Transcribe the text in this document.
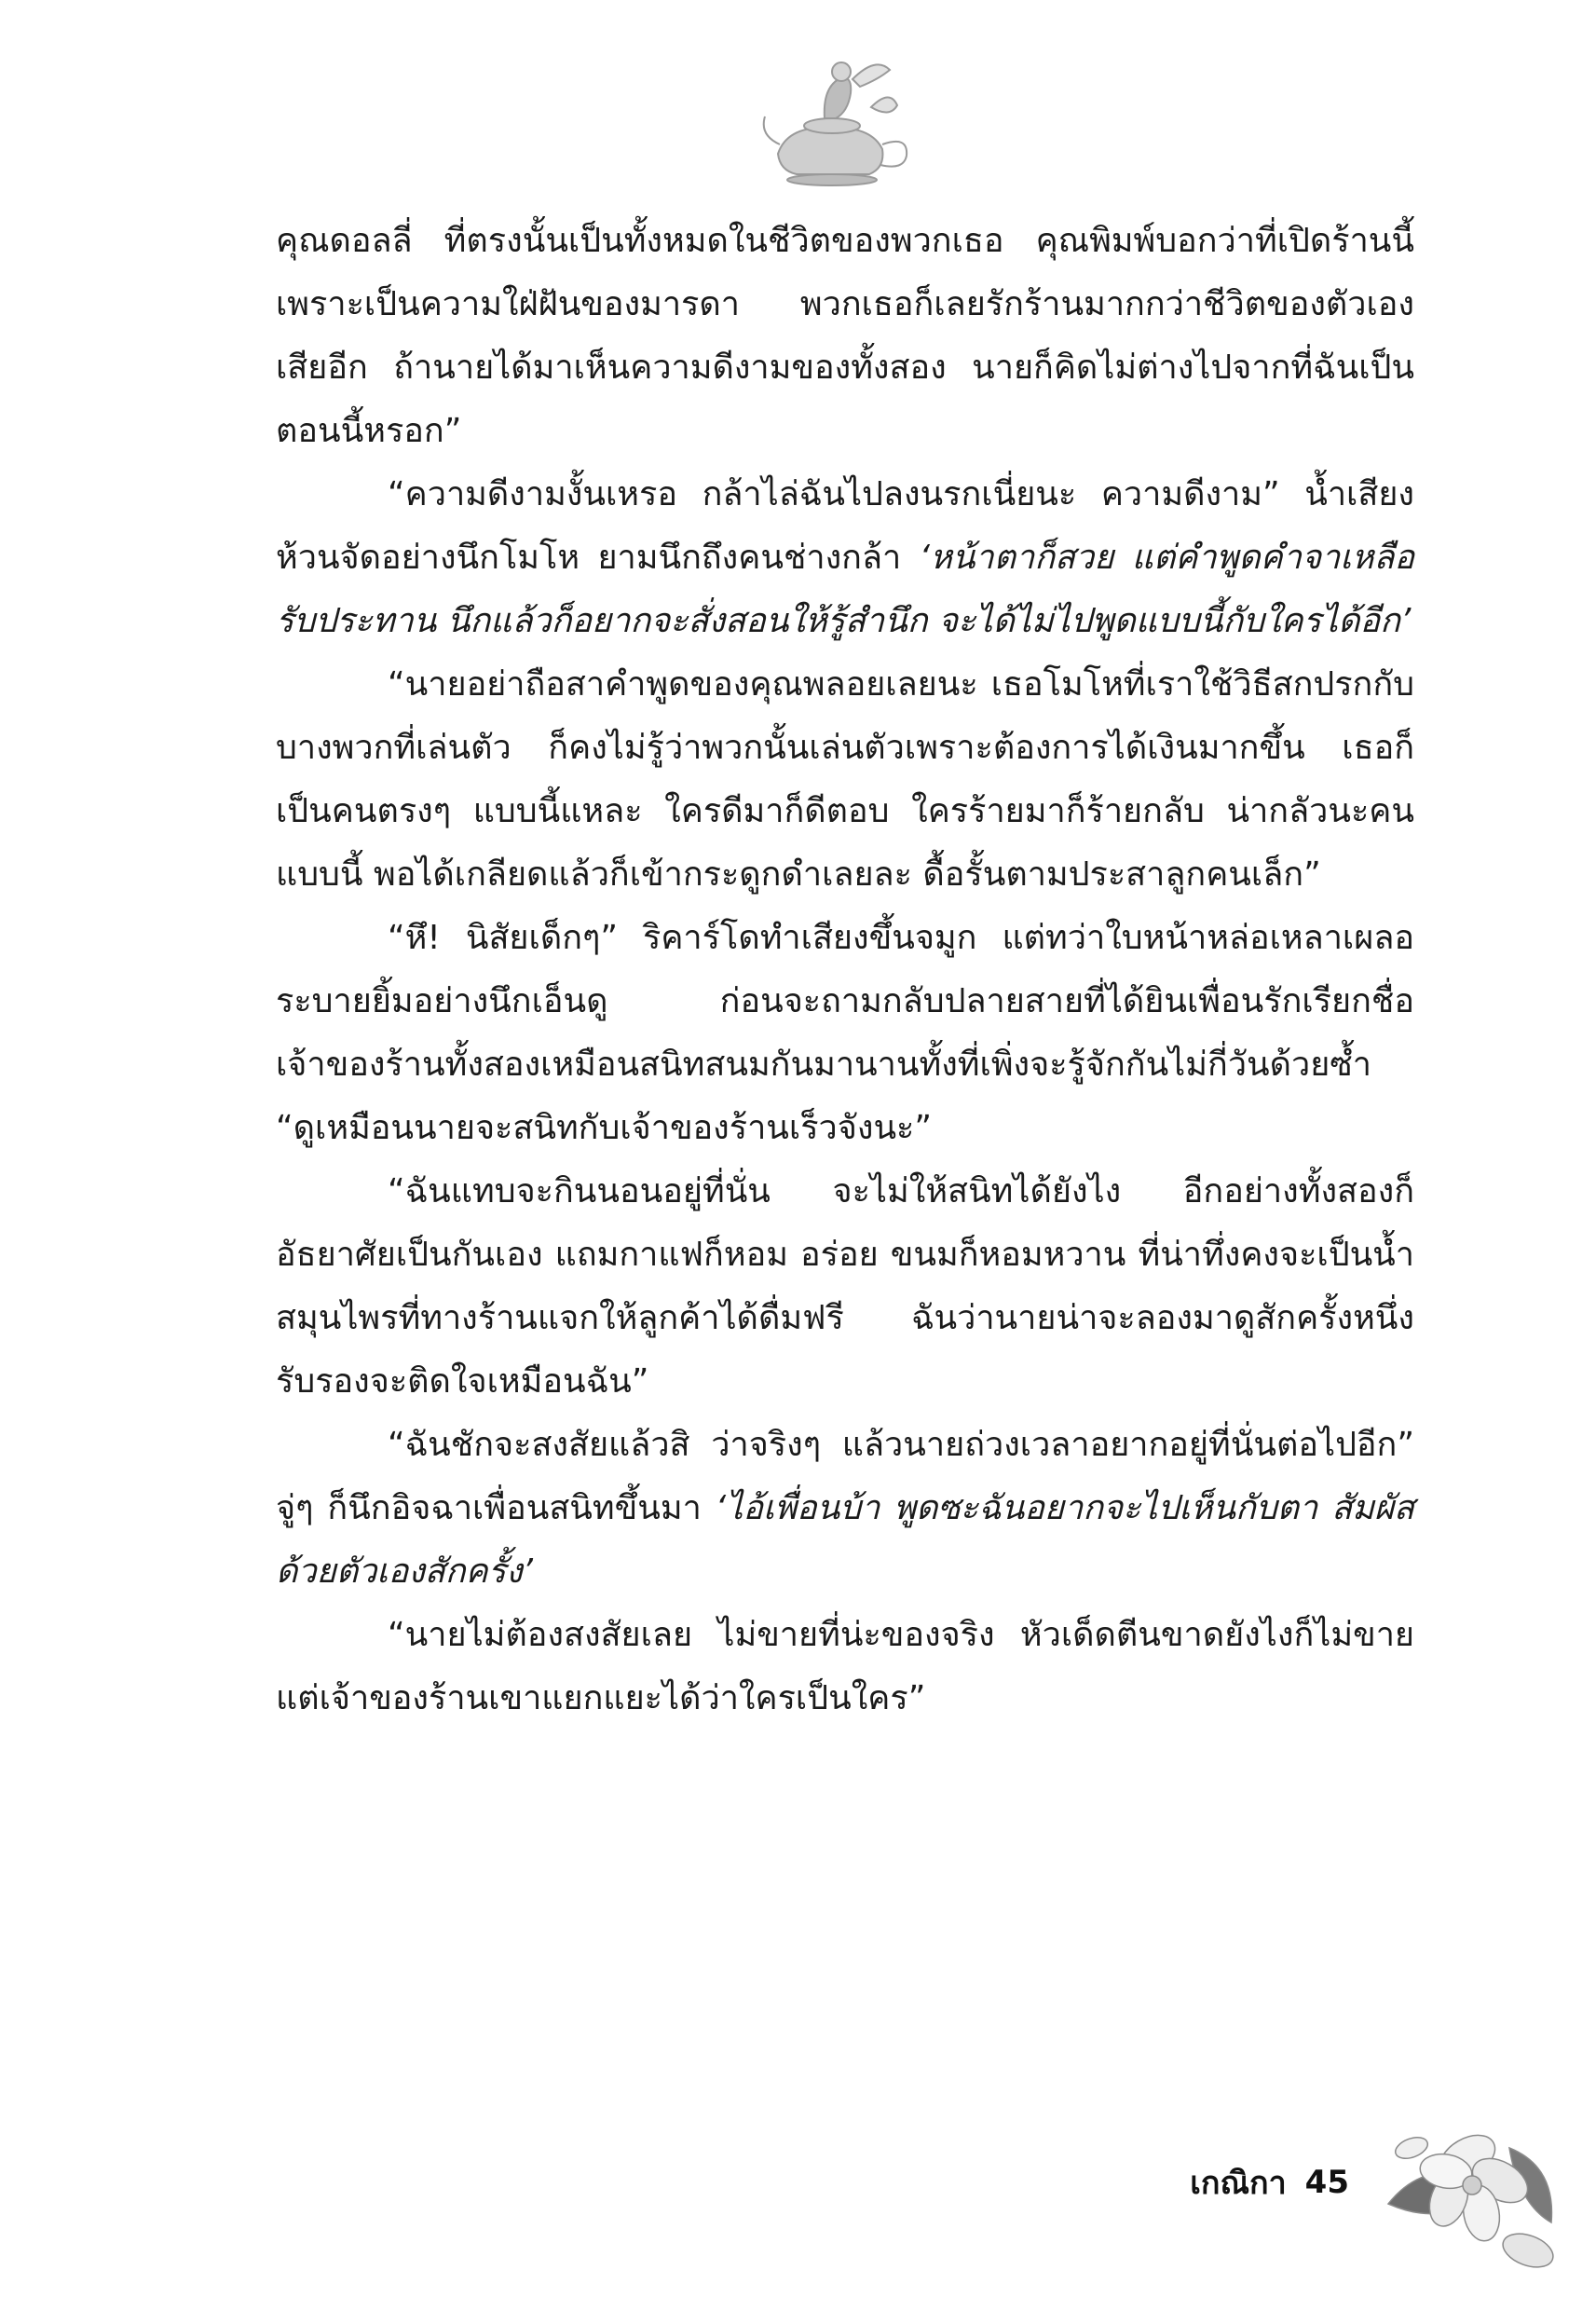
คุณดอลลี่ ที่ตรงนั้นเป็นทั้งหมดในชีวิตของพวกเธอ คุณพิมพ์บอกว่าที่เปิดร้านนี้เพราะเป็นความใฝ่ฝันของมารดา พวกเธอก็เลยรักร้านมากกว่าชีวิตของตัวเองเสียอีก ถ้านายได้มาเห็นความดีงามของทั้งสอง นายก็คิดไม่ต่างไปจากที่ฉันเป็นตอนนี้หรอก”

“ความดีงามงั้นเหรอ กล้าไล่ฉันไปลงนรกเนี่ยนะ ความดีงาม” น้ำเสียงห้วนจัดอย่างนึกโมโห ยามนึกถึงคนช่างกล้า ‘หน้าตาก็สวย แต่คำพูดคำจาเหลือรับประทาน นึกแล้วก็อยากจะสั่งสอนให้รู้สำนึก จะได้ไม่ไปพูดแบบนี้กับใครได้อีก’

“นายอย่าถือสาคำพูดของคุณพลอยเลยนะ เธอโมโหที่เราใช้วิธีสกปรกกับบางพวกที่เล่นตัว ก็คงไม่รู้ว่าพวกนั้นเล่นตัวเพราะต้องการได้เงินมากขึ้น เธอก็เป็นคนตรงๆ แบบนี้แหละ ใครดีมาก็ดีตอบ ใครร้ายมาก็ร้ายกลับ น่ากลัวนะคนแบบนี้ พอได้เกลียดแล้วก็เข้ากระดูกดำเลยละ ดื้อรั้นตามประสาลูกคนเล็ก”

“หึ! นิสัยเด็กๆ” ริคาร์โดทำเสียงขึ้นจมูก แต่ทว่าใบหน้าหล่อเหลาเผลอระบายยิ้มอย่างนึกเอ็นดู ก่อนจะถามกลับปลายสายที่ได้ยินเพื่อนรักเรียกชื่อเจ้าของร้านทั้งสองเหมือนสนิทสนมกันมานานทั้งที่เพิ่งจะรู้จักกันไม่กี่วันด้วยซ้ำ “ดูเหมือนนายจะสนิทกับเจ้าของร้านเร็วจังนะ”

“ฉันแทบจะกินนอนอยู่ที่นั่น จะไม่ให้สนิทได้ยังไง อีกอย่างทั้งสองก็อัธยาศัยเป็นกันเอง แถมกาแฟก็หอม อร่อย ขนมก็หอมหวาน ที่น่าทึ่งคงจะเป็นน้ำสมุนไพรที่ทางร้านแจกให้ลูกค้าได้ดื่มฟรี ฉันว่านายน่าจะลองมาดูสักครั้งหนึ่ง รับรองจะติดใจเหมือนฉัน”

“ฉันชักจะสงสัยแล้วสิ ว่าจริงๆ แล้วนายถ่วงเวลาอยากอยู่ที่นั่นต่อไปอีก” จู่ๆ ก็นึกอิจฉาเพื่อนสนิทขึ้นมา ‘ไอ้เพื่อนบ้า พูดซะฉันอยากจะไปเห็นกับตา สัมผัสด้วยตัวเองสักครั้ง’

“นายไม่ต้องสงสัยเลย ไม่ขายที่น่ะของจริง หัวเด็ดตีนขาดยังไงก็ไม่ขาย แต่เจ้าของร้านเขาแยกแยะได้ว่าใครเป็นใคร”

เกณิกา 45
